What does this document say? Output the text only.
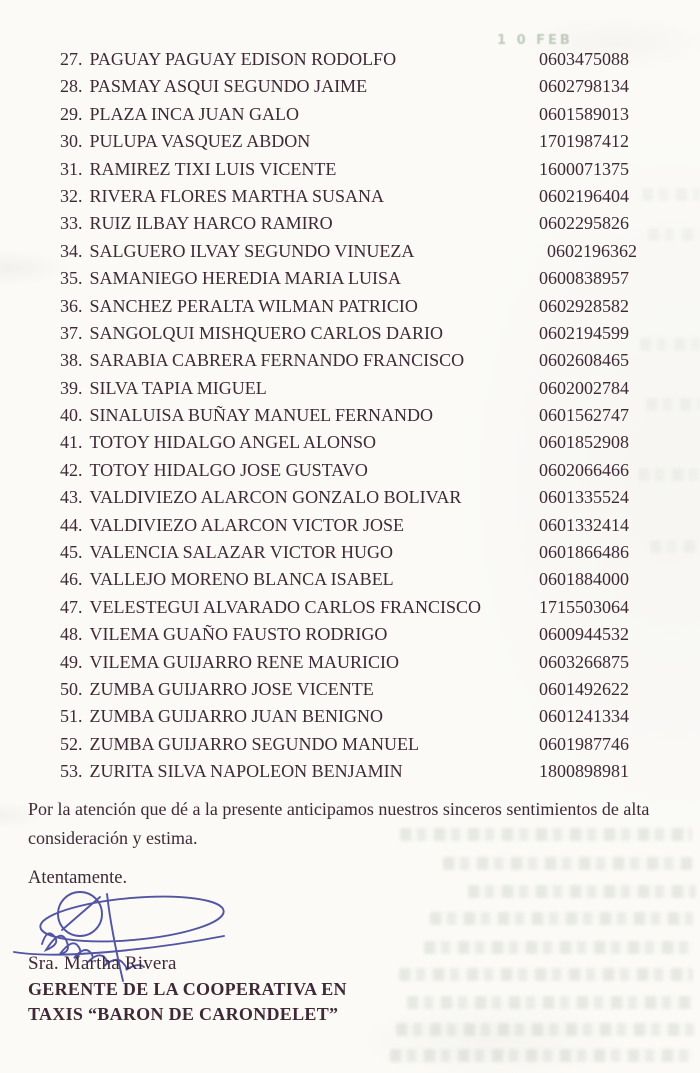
1 0 FEB
27. PAGUAY PAGUAY EDISON RODOLFO	0603475088
28. PASMAY ASQUI SEGUNDO JAIME	0602798134
29. PLAZA INCA JUAN GALO	0601589013
30. PULUPA VASQUEZ ABDON	1701987412
31. RAMIREZ TIXI LUIS VICENTE	1600071375
32. RIVERA FLORES MARTHA SUSANA	0602196404
33. RUIZ ILBAY HARCO RAMIRO	0602295826
34. SALGUERO ILVAY SEGUNDO VINUEZA	0602196362
35. SAMANIEGO HEREDIA MARIA LUISA	0600838957
36. SANCHEZ PERALTA WILMAN PATRICIO	0602928582
37. SANGOLQUI MISHQUERO CARLOS DARIO	0602194599
38. SARABIA CABRERA FERNANDO FRANCISCO	0602608465
39. SILVA TAPIA MIGUEL	0602002784
40. SINALUISA BUÑAY MANUEL FERNANDO	0601562747
41. TOTOY HIDALGO ANGEL ALONSO	0601852908
42. TOTOY HIDALGO JOSE GUSTAVO	0602066466
43. VALDIVIEZO ALARCON GONZALO BOLIVAR	0601335524
44. VALDIVIEZO ALARCON VICTOR JOSE	0601332414
45. VALENCIA SALAZAR VICTOR HUGO	0601866486
46. VALLEJO MORENO BLANCA ISABEL	0601884000
47. VELESTEGUI ALVARADO CARLOS FRANCISCO	1715503064
48. VILEMA GUAÑO FAUSTO RODRIGO	0600944532
49. VILEMA GUIJARRO RENE MAURICIO	0603266875
50. ZUMBA GUIJARRO JOSE VICENTE	0601492622
51. ZUMBA GUIJARRO JUAN BENIGNO	0601241334
52. ZUMBA GUIJARRO SEGUNDO MANUEL	0601987746
53. ZURITA SILVA NAPOLEON BENJAMIN	1800898981
Por la atención que dé a la presente anticipamos nuestros sinceros sentimientos de alta consideración y estima.
Atentamente.
Sra. Martha Rivera
GERENTE DE LA COOPERATIVA EN
TAXIS “BARON DE CARONDELET”
